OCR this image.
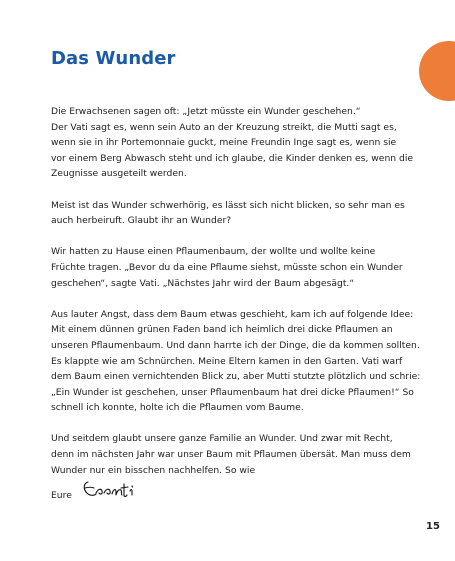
Das Wunder

Die Erwachsenen sagen oft: „Jetzt müsste ein Wunder geschehen.“
Der Vati sagt es, wenn sein Auto an der Kreuzung streikt, die Mutti sagt es,
wenn sie in ihr Portemonnaie guckt, meine Freundin Inge sagt es, wenn sie
vor einem Berg Abwasch steht und ich glaube, die Kinder denken es, wenn die
Zeugnisse ausgeteilt werden.

Meist ist das Wunder schwerhörig, es lässt sich nicht blicken, so sehr man es
auch herbeiruft. Glaubt ihr an Wunder?

Wir hatten zu Hause einen Pflaumenbaum, der wollte und wollte keine
Früchte tragen. „Bevor du da eine Pflaume siehst, müsste schon ein Wunder
geschehen“, sagte Vati. „Nächstes Jahr wird der Baum abgesägt.“

Aus lauter Angst, dass dem Baum etwas geschieht, kam ich auf folgende Idee:
Mit einem dünnen grünen Faden band ich heimlich drei dicke Pflaumen an
unseren Pflaumenbaum. Und dann harrte ich der Dinge, die da kommen sollten.
Es klappte wie am Schnürchen. Meine Eltern kamen in den Garten. Vati warf
dem Baum einen vernichtenden Blick zu, aber Mutti stutzte plötzlich und schrie:
„Ein Wunder ist geschehen, unser Pflaumenbaum hat drei dicke Pflaumen!“ So
schnell ich konnte, holte ich die Pflaumen vom Baume.

Und seitdem glaubt unsere ganze Familie an Wunder. Und zwar mit Recht,
denn im nächsten Jahr war unser Baum mit Pflaumen übersät. Man muss dem
Wunder nur ein bisschen nachhelfen. So wie

Eure
15
